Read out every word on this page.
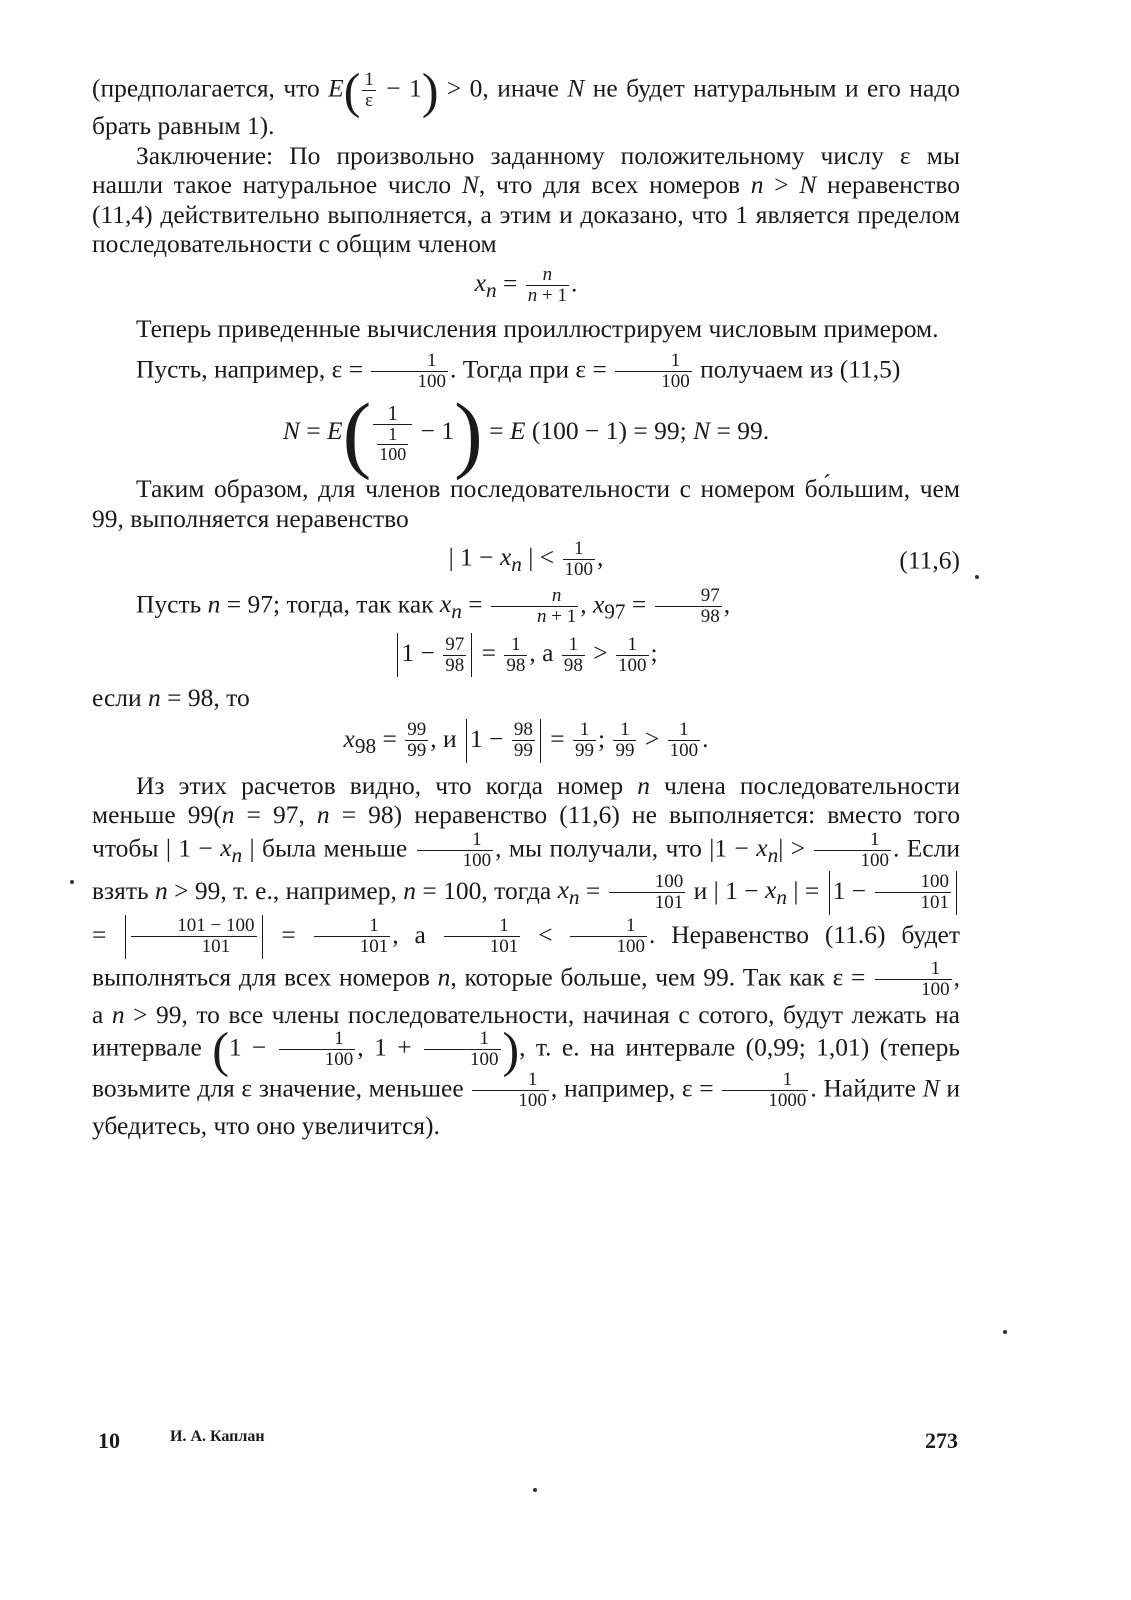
(предполагается, что $E( \frac{1}{\varepsilon} - 1) > 0$, иначе N не будет натуральным и его надо брать равным 1).

Заключение: По произвольно заданному положительному числу ε мы нашли такое натуральное число N, что для всех номеров n > N неравенство (11,4) действительно выполняется, а этим и доказано, что 1 является пределом последовательности с общим членом

$x_n = \frac{n}{n + 1}$ .

Теперь приведенные вычисления проиллюстрируем числовым примером.

Пусть, например, $\varepsilon = \frac{1}{100}$ . Тогда при $\varepsilon = \frac{1}{100}$ получаем из (11,5)

$N = E( \frac{1}{\frac{1}{100}} - 1) = E$ (100 − 1) = 99; N = 99.

Таким образом, для членов последовательности с номером бо́льшим, чем 99, выполняется неравенство

| $1 - x_n$ | < $\frac{1}{100}$ ,	(11,6)

Пусть n = 97; тогда, так как $x_n = \frac{n}{n + 1}$ , $x_{97} = \frac{97}{98}$ ,

$1 - \frac{97}{98} = \frac{1}{98}$ , а $\frac{1}{98} > \frac{1}{100}$ ;

если n = 98, то

$x_{98} = \frac{99}{99}$ , и $1 - \frac{98}{99} = \frac{1}{99}$ ; $\frac{1}{99} > \frac{1}{100}$ .

Из этих расчетов видно, что когда номер n члена последовательности меньше 99(n = 97, n = 98) неравенство (11,6) не выполняется: вместо того чтобы | $1 - x_n$ | была меньше $\frac{1}{100}$ , мы получали, что $|1 - x_n| > \frac{1}{100}$ . Если взять n > 99, т. е., например, n = 100, тогда $x_n = \frac{100}{101}$ и | $1 - x_n$ | = $1 - \frac{100}{101}$
= $\frac{101 - 100}{101} = \frac{1}{101}$ , а $\frac{1}{101} < \frac{1}{100}$ . Неравенство (11.6) будет выполняться для всех номеров n, которые больше, чем 99. Так как $\varepsilon = \frac{1}{100}$ , а n > 99, то все члены последовательности, начиная с сотого, будут лежать на интервале ($1 - \frac{1}{100}$ , $1 + \frac{1}{100}$ ), т. е. на интервале (0,99; 1,01) (теперь возьмите для ε значение, меньшее $\frac{1}{100}$ , например, $\varepsilon = \frac{1}{1000}$ . Найдите N и убедитесь, что оно увеличится).

10	И. А. Каплан	273
